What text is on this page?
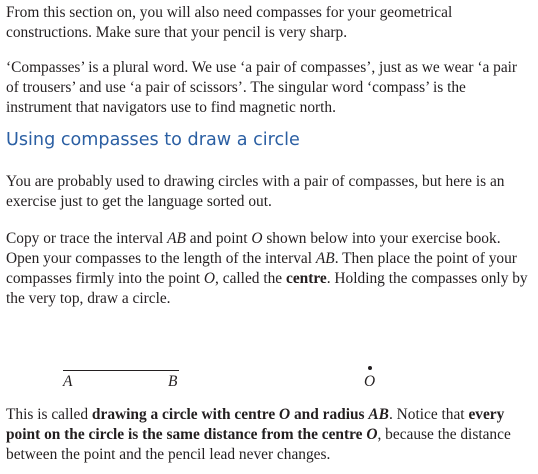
From this section on, you will also need compasses for your geometrical constructions. Make sure that your pencil is very sharp.

‘Compasses’ is a plural word. We use ‘a pair of compasses’, just as we wear ‘a pair of trousers’ and use ‘a pair of scissors’. The singular word ‘compass’ is the instrument that navigators use to find magnetic north.

Using compasses to draw a circle

You are probably used to drawing circles with a pair of compasses, but here is an exercise just to get the language sorted out.

Copy or trace the interval AB and point O shown below into your exercise book. Open your compasses to the length of the interval AB. Then place the point of your compasses firmly into the point O, called the centre. Holding the compasses only by the very top, draw a circle.

This is called drawing a circle with centre O and radius AB. Notice that every point on the circle is the same distance from the centre O, because the distance between the point and the pencil lead never changes.

A	B	O
